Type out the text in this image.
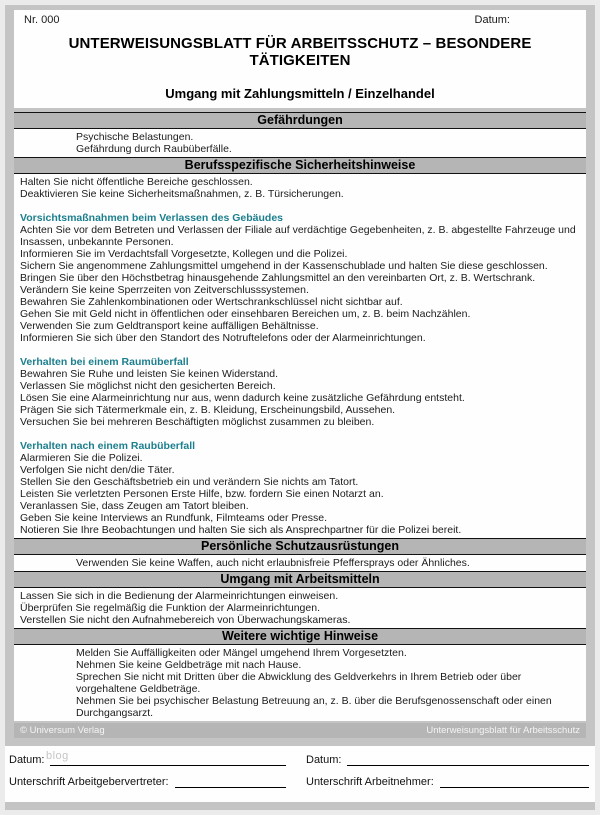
Nr. 000	Datum:
UNTERWEISUNGSBLATT FÜR ARBEITSSCHUTZ – BESONDERE TÄTIGKEITEN
Umgang mit Zahlungsmitteln / Einzelhandel
Gefährdungen
Psychische Belastungen.
Gefährdung durch Raubüberfälle.
Berufsspezifische Sicherheitshinweise
Halten Sie nicht öffentliche Bereiche geschlossen.
Deaktivieren Sie keine Sicherheitsmaßnahmen, z. B. Türsicherungen.
Vorsichtsmaßnahmen beim Verlassen des Gebäudes
Achten Sie vor dem Betreten und Verlassen der Filiale auf verdächtige Gegebenheiten, z. B. abgestellte Fahrzeuge und Insassen, unbekannte Personen.
Informieren Sie im Verdachtsfall Vorgesetzte, Kollegen und die Polizei.
Sichern Sie angenommene Zahlungsmittel umgehend in der Kassenschublade und halten Sie diese geschlossen.
Bringen Sie über den Höchstbetrag hinausgehende Zahlungsmittel an den vereinbarten Ort, z. B. Wertschrank.
Verändern Sie keine Sperrzeiten von Zeitverschlusssystemen.
Bewahren Sie Zahlenkombinationen oder Wertschrankschlüssel nicht sichtbar auf.
Gehen Sie mit Geld nicht in öffentlichen oder einsehbaren Bereichen um, z. B. beim Nachzählen.
Verwenden Sie zum Geldtransport keine auffälligen Behältnisse.
Informieren Sie sich über den Standort des Notruftelefons oder der Alarmeinrichtungen.
Verhalten bei einem Raumüberfall
Bewahren Sie Ruhe und leisten Sie keinen Widerstand.
Verlassen Sie möglichst nicht den gesicherten Bereich.
Lösen Sie eine Alarmeinrichtung nur aus, wenn dadurch keine zusätzliche Gefährdung entsteht.
Prägen Sie sich Tätermerkmale ein, z. B. Kleidung, Erscheinungsbild, Aussehen.
Versuchen Sie bei mehreren Beschäftigten möglichst zusammen zu bleiben.
Verhalten nach einem Raubüberfall
Alarmieren Sie die Polizei.
Verfolgen Sie nicht den/die Täter.
Stellen Sie den Geschäftsbetrieb ein und verändern Sie nichts am Tatort.
Leisten Sie verletzten Personen Erste Hilfe, bzw. fordern Sie einen Notarzt an.
Veranlassen Sie, dass Zeugen am Tatort bleiben.
Geben Sie keine Interviews an Rundfunk, Filmteams oder Presse.
Notieren Sie Ihre Beobachtungen und halten Sie sich als Ansprechpartner für die Polizei bereit.
Persönliche Schutzausrüstungen
Verwenden Sie keine Waffen, auch nicht erlaubnisfreie Pfeffersprays oder Ähnliches.
Umgang mit Arbeitsmitteln
Lassen Sie sich in die Bedienung der Alarmeinrichtungen einweisen.
Überprüfen Sie regelmäßig die Funktion der Alarmeinrichtungen.
Verstellen Sie nicht den Aufnahmebereich von Überwachungskameras.
Weitere wichtige Hinweise
Melden Sie Auffälligkeiten oder Mängel umgehend Ihrem Vorgesetzten.
Nehmen Sie keine Geldbeträge mit nach Hause.
Sprechen Sie nicht mit Dritten über die Abwicklung des Geldverkehrs in Ihrem Betrieb oder über vorgehaltene Geldbeträge.
Nehmen Sie bei psychischer Belastung Betreuung an, z. B. über die Berufsgenossenschaft oder einen Durchgangsarzt.
© Universum Verlag	Unterweisungsblatt für Arbeitsschutz
blog
Datum:	Datum:
Unterschrift Arbeitgebervertreter:	Unterschrift Arbeitnehmer:
